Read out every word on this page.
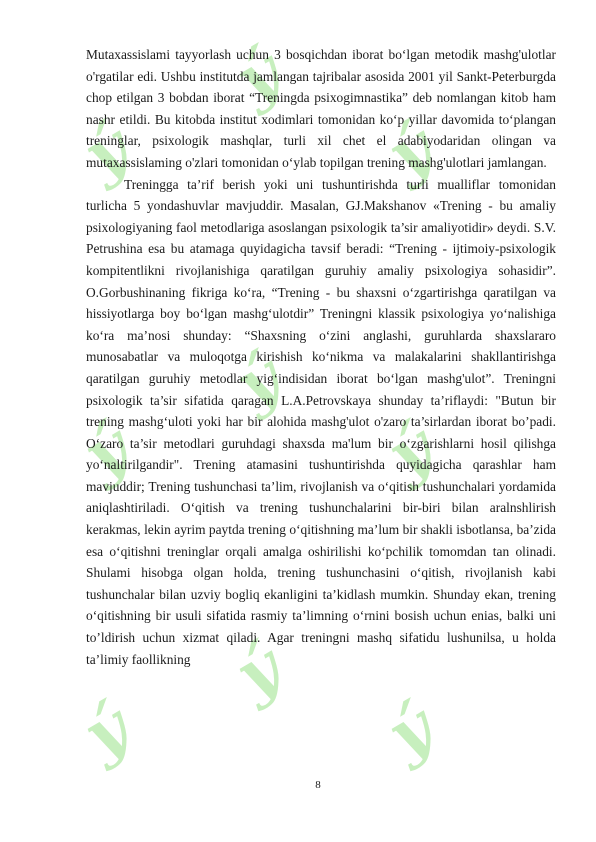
ý
ý
ý
ý
ý
ý
ý
ý
ý

Mutaxassislami tayyorlash uchun 3 bosqichdan iborat bo‘lgan metodik mashg'ulotlar o'rgatilar edi. Ushbu institutda jamlangan tajribalar asosida 2001 yil Sankt-Peterburgda chop etilgan 3 bobdan iborat “Treningda psixogimnastika” deb nomlangan kitob ham nashr etildi. Bu kitobda institut xodimlari tomonidan ko‘p yillar davomida to‘plangan treninglar, psixologik mashqlar, turli xil chet el adabiyodaridan olingan va mutaxassislaming o'zlari tomonidan o‘ylab topilgan trening mashg'ulotlari jamlangan.

Treningga ta’rif berish yoki uni tushuntirishda turli mualliflar tomonidan turlicha 5 yondashuvlar mavjuddir. Masalan, GJ.Makshanov «Trening - bu amaliy psixologiyaning faol metodlariga asoslangan psixologik ta’sir amaliyotidir» deydi. S.V. Petrushina esa bu atamaga quyidagicha tavsif beradi: “Trening - ijtimoiy-psixologik kompitentlikni rivojlanishiga qaratilgan guruhiy amaliy psixologiya sohasidir”. O.Gorbushinaning fikriga ko‘ra, “Trening - bu shaxsni o‘zgartirishga qaratilgan va hissiyotlarga boy bo‘lgan mashg‘ulotdir” Treningni klassik psixologiya yo‘nalishiga ko‘ra ma’nosi shunday: “Shaxsning o‘zini anglashi, guruhlarda shaxslararo munosabatlar va muloqotga kirishish ko‘nikma va malakalarini shakllantirishga qaratilgan guruhiy metodlar yig‘indisidan iborat bo‘lgan mashg'ulot”. Treningni psixologik ta’sir sifatida qaragan L.A.Petrovskaya shunday ta’riflaydi: "Butun bir trening mashg‘uloti yoki har bir alohida mashg'ulot o'zaro ta’sirlardan iborat bo’padi. O‘zaro ta’sir metodlari guruhdagi shaxsda ma'lum bir o‘zgarishlarni hosil qilishga yo‘naltirilgandir". Trening atamasini tushuntirishda quyidagicha qarashlar ham mavjuddir; Trening tushunchasi ta’lim, rivojlanish va o‘qitish tushunchalari yordamida aniqlashtiriladi. O‘qitish va trening tushunchalarini bir-biri bilan aralnshlirish kerakmas, lekin ayrim paytda trening o‘qitishning ma’lum bir shakli isbotlansa, ba’zida esa o‘qitishni treninglar orqali amalga oshirilishi ko‘pchilik tomomdan tan olinadi. Shulami hisobga olgan holda, trening tushunchasini o‘qitish, rivojlanish kabi tushunchalar bilan uzviy bogliq ekanligini ta’kidlash mumkin. Shunday ekan, trening o‘qitishning bir usuli sifatida rasmiy ta’limning o‘rnini bosish uchun enias, balki uni to’ldirish uchun xizmat qiladi. Agar treningni mashq sifatidu lushunilsa, u holda ta’limiy faollikning

8
